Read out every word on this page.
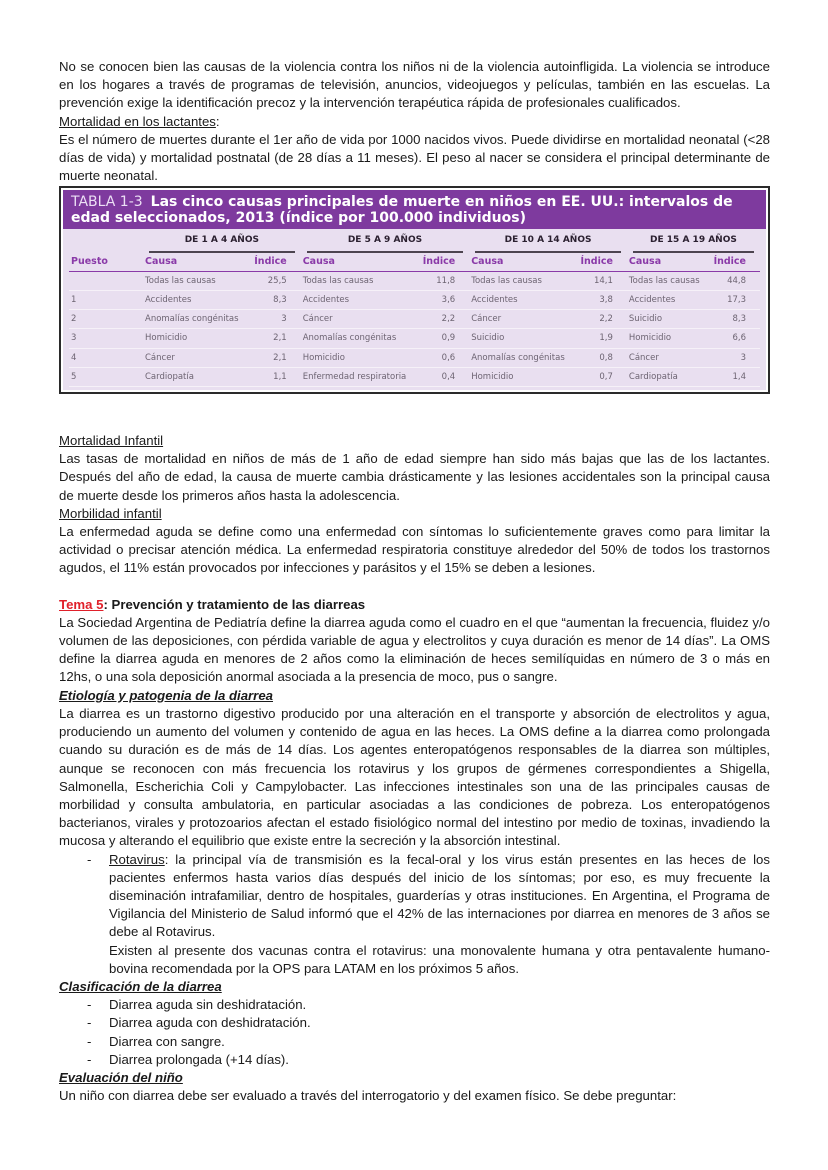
No se conocen bien las causas de la violencia contra los niños ni de la violencia autoinfligida. La violencia se introduce en los hogares a través de programas de televisión, anuncios, videojuegos y películas, también en las escuelas. La prevención exige la identificación precoz y la intervención terapéutica rápida de profesionales cualificados.

Mortalidad en los lactantes:

Es el número de muertes durante el 1er año de vida por 1000 nacidos vivos. Puede dividirse en mortalidad neonatal (<28 días de vida) y mortalidad postnatal (de 28 días a 11 meses). El peso al nacer se considera el principal determinante de muerte neonatal.

TABLA 1-3 Las cinco causas principales de muerte en niños en EE. UU.: intervalos de edad seleccionados, 2013 (índice por 100.000 individuos)

	DE 1 A 4 AÑOS		DE 5 A 9 AÑOS		DE 10 A 14 AÑOS		DE 15 A 19 AÑOS	

Puesto	Causa	Índice	Causa	Índice	Causa	Índice	Causa	Índice
	Todas las causas	25,5	Todas las causas	11,8	Todas las causas	14,1	Todas las causas	44,8
1	Accidentes	8,3	Accidentes	3,6	Accidentes	3,8	Accidentes	17,3
2	Anomalías congénitas	3	Cáncer	2,2	Cáncer	2,2	Suicidio	8,3
3	Homicidio	2,1	Anomalías congénitas	0,9	Suicidio	1,9	Homicidio	6,6
4	Cáncer	2,1	Homicidio	0,6	Anomalías congénitas	0,8	Cáncer	3
5	Cardiopatía	1,1	Enfermedad respiratoria	0,4	Homicidio	0,7	Cardiopatía	1,4

Mortalidad Infantil

Las tasas de mortalidad en niños de más de 1 año de edad siempre han sido más bajas que las de los lactantes. Después del año de edad, la causa de muerte cambia drásticamente y las lesiones accidentales son la principal causa de muerte desde los primeros años hasta la adolescencia.

Morbilidad infantil

La enfermedad aguda se define como una enfermedad con síntomas lo suficientemente graves como para limitar la actividad o precisar atención médica. La enfermedad respiratoria constituye alrededor del 50% de todos los trastornos agudos, el 11% están provocados por infecciones y parásitos y el 15% se deben a lesiones.

Tema 5: Prevención y tratamiento de las diarreas

La Sociedad Argentina de Pediatría define la diarrea aguda como el cuadro en el que “aumentan la frecuencia, fluidez y/o volumen de las deposiciones, con pérdida variable de agua y electrolitos y cuya duración es menor de 14 días”. La OMS define la diarrea aguda en menores de 2 años como la eliminación de heces semilíquidas en número de 3 o más en 12hs, o una sola deposición anormal asociada a la presencia de moco, pus o sangre.

Etiología y patogenia de la diarrea

La diarrea es un trastorno digestivo producido por una alteración en el transporte y absorción de electrolitos y agua, produciendo un aumento del volumen y contenido de agua en las heces. La OMS define a la diarrea como prolongada cuando su duración es de más de 14 días. Los agentes enteropatógenos responsables de la diarrea son múltiples, aunque se reconocen con más frecuencia los rotavirus y los grupos de gérmenes correspondientes a Shigella, Salmonella, Escherichia Coli y Campylobacter. Las infecciones intestinales son una de las principales causas de morbilidad y consulta ambulatoria, en particular asociadas a las condiciones de pobreza. Los enteropatógenos bacterianos, virales y protozoarios afectan el estado fisiológico normal del intestino por medio de toxinas, invadiendo la mucosa y alterando el equilibrio que existe entre la secreción y la absorción intestinal.

- Rotavirus: la principal vía de transmisión es la fecal-oral y los virus están presentes en las heces de los pacientes enfermos hasta varios días después del inicio de los síntomas; por eso, es muy frecuente la diseminación intrafamiliar, dentro de hospitales, guarderías y otras instituciones. En Argentina, el Programa de Vigilancia del Ministerio de Salud informó que el 42% de las internaciones por diarrea en menores de 3 años se debe al Rotavirus.

Existen al presente dos vacunas contra el rotavirus: una monovalente humana y otra pentavalente humano-bovina recomendada por la OPS para LATAM en los próximos 5 años.

Clasificación de la diarrea

- Diarrea aguda sin deshidratación.
- Diarrea aguda con deshidratación.
- Diarrea con sangre.
- Diarrea prolongada (+14 días).

Evaluación del niño

Un niño con diarrea debe ser evaluado a través del interrogatorio y del examen físico. Se debe preguntar:
